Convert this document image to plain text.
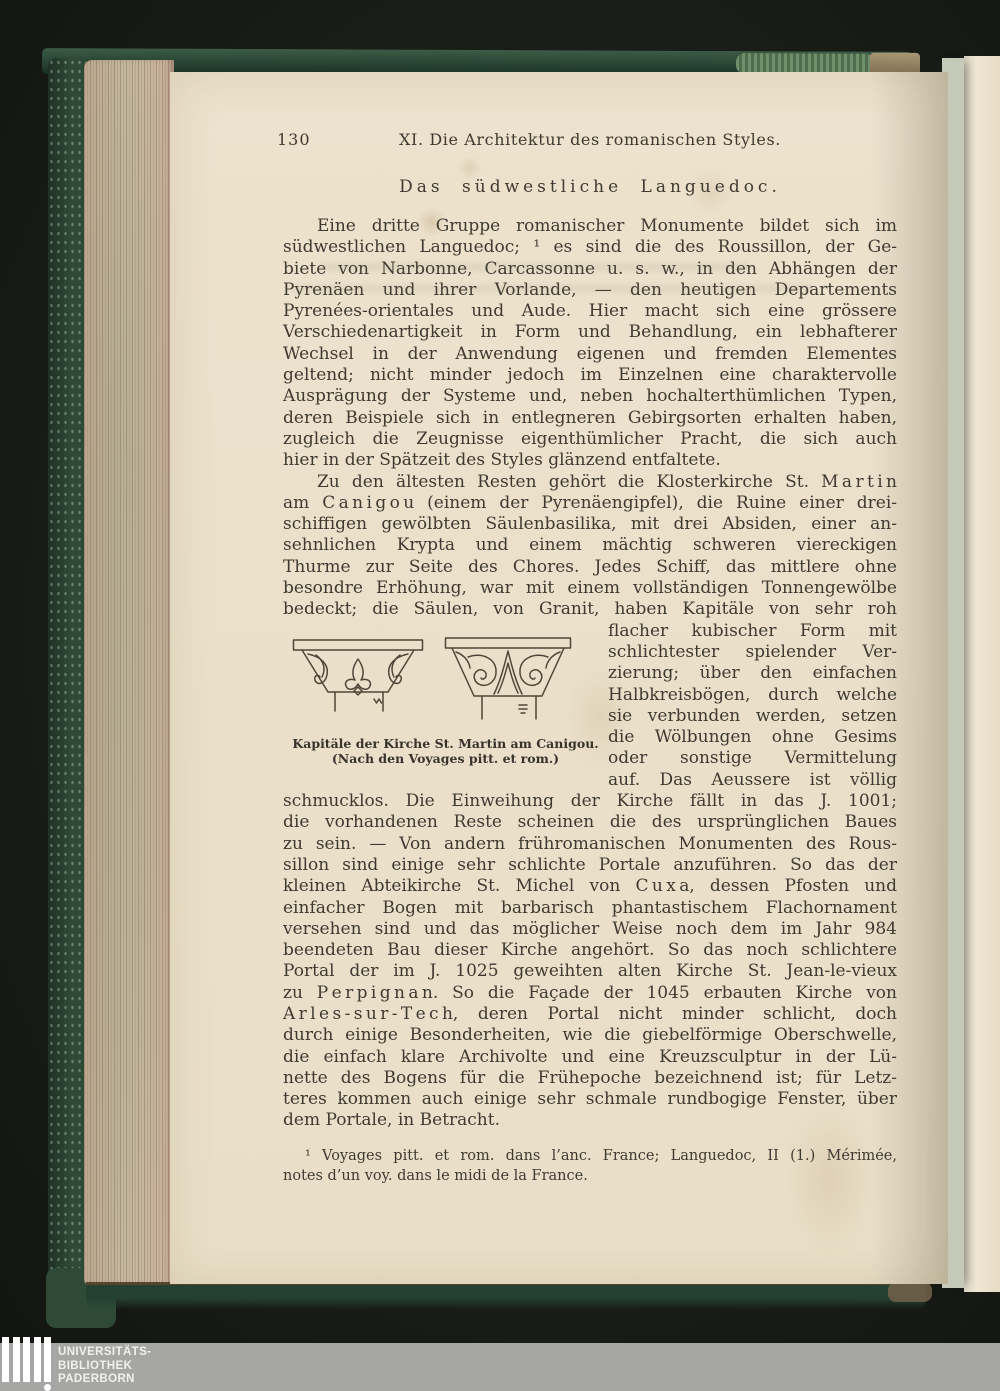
130	XI. Die Architektur des romanischen Styles.
Das südwestliche Languedoc.
Eine dritte Gruppe romanischer Monumente bildet sich im
südwestlichen Languedoc; ¹ es sind die des Roussillon, der Ge-
biete von Narbonne, Carcassonne u. s. w., in den Abhängen der
Pyrenäen und ihrer Vorlande, — den heutigen Departements
Pyrenées-orientales und Aude. Hier macht sich eine grössere
Verschiedenartigkeit in Form und Behandlung, ein lebhafterer
Wechsel in der Anwendung eigenen und fremden Elementes
geltend; nicht minder jedoch im Einzelnen eine charaktervolle
Ausprägung der Systeme und, neben hochalterthümlichen Typen,
deren Beispiele sich in entlegneren Gebirgsorten erhalten haben,
zugleich die Zeugnisse eigenthümlicher Pracht, die sich auch
hier in der Spätzeit des Styles glänzend entfaltete.
Zu den ältesten Resten gehört die Klosterkirche St. M a r t i n
am C a n i g o u (einem der Pyrenäengipfel), die Ruine einer drei-
schiffigen gewölbten Säulenbasilika, mit drei Absiden, einer an-
sehnlichen Krypta und einem mächtig schweren viereckigen
Thurme zur Seite des Chores. Jedes Schiff, das mittlere ohne
besondre Erhöhung, war mit einem vollständigen Tonnengewölbe
bedeckt; die Säulen, von Granit, haben Kapitäle von sehr roh
Kapitäle der Kirche St. Martin am Canigou.
(Nach den Voyages pitt. et rom.)
flacher kubischer Form mit
schlichtester spielender Ver-
zierung; über den einfachen
Halbkreisbögen, durch welche
sie verbunden werden, setzen
die Wölbungen ohne Gesims
oder sonstige Vermittelung
auf. Das Aeussere ist völlig
schmucklos. Die Einweihung der Kirche fällt in das J. 1001;
die vorhandenen Reste scheinen die des ursprünglichen Baues
zu sein. — Von andern frühromanischen Monumenten des Rous-
sillon sind einige sehr schlichte Portale anzuführen. So das der
kleinen Abteikirche St. Michel von C u x a, dessen Pfosten und
einfacher Bogen mit barbarisch phantastischem Flachornament
versehen sind und das möglicher Weise noch dem im Jahr 984
beendeten Bau dieser Kirche angehört. So das noch schlichtere
Portal der im J. 1025 geweihten alten Kirche St. Jean-le-vieux
zu P e r p i g n a n. So die Façade der 1045 erbauten Kirche von
A r l e s - s u r - T e c h, deren Portal nicht minder schlicht, doch
durch einige Besonderheiten, wie die giebelförmige Oberschwelle,
die einfach klare Archivolte und eine Kreuzsculptur in der Lü-
nette des Bogens für die Frühepoche bezeichnend ist; für Letz-
teres kommen auch einige sehr schmale rundbogige Fenster, über
dem Portale, in Betracht.
¹ Voyages pitt. et rom. dans l’anc. France; Languedoc, II (1.) Mérimée,
notes d’un voy. dans le midi de la France.
UNIVERSITÄTS-
BIBLIOTHEK
PADERBORN
